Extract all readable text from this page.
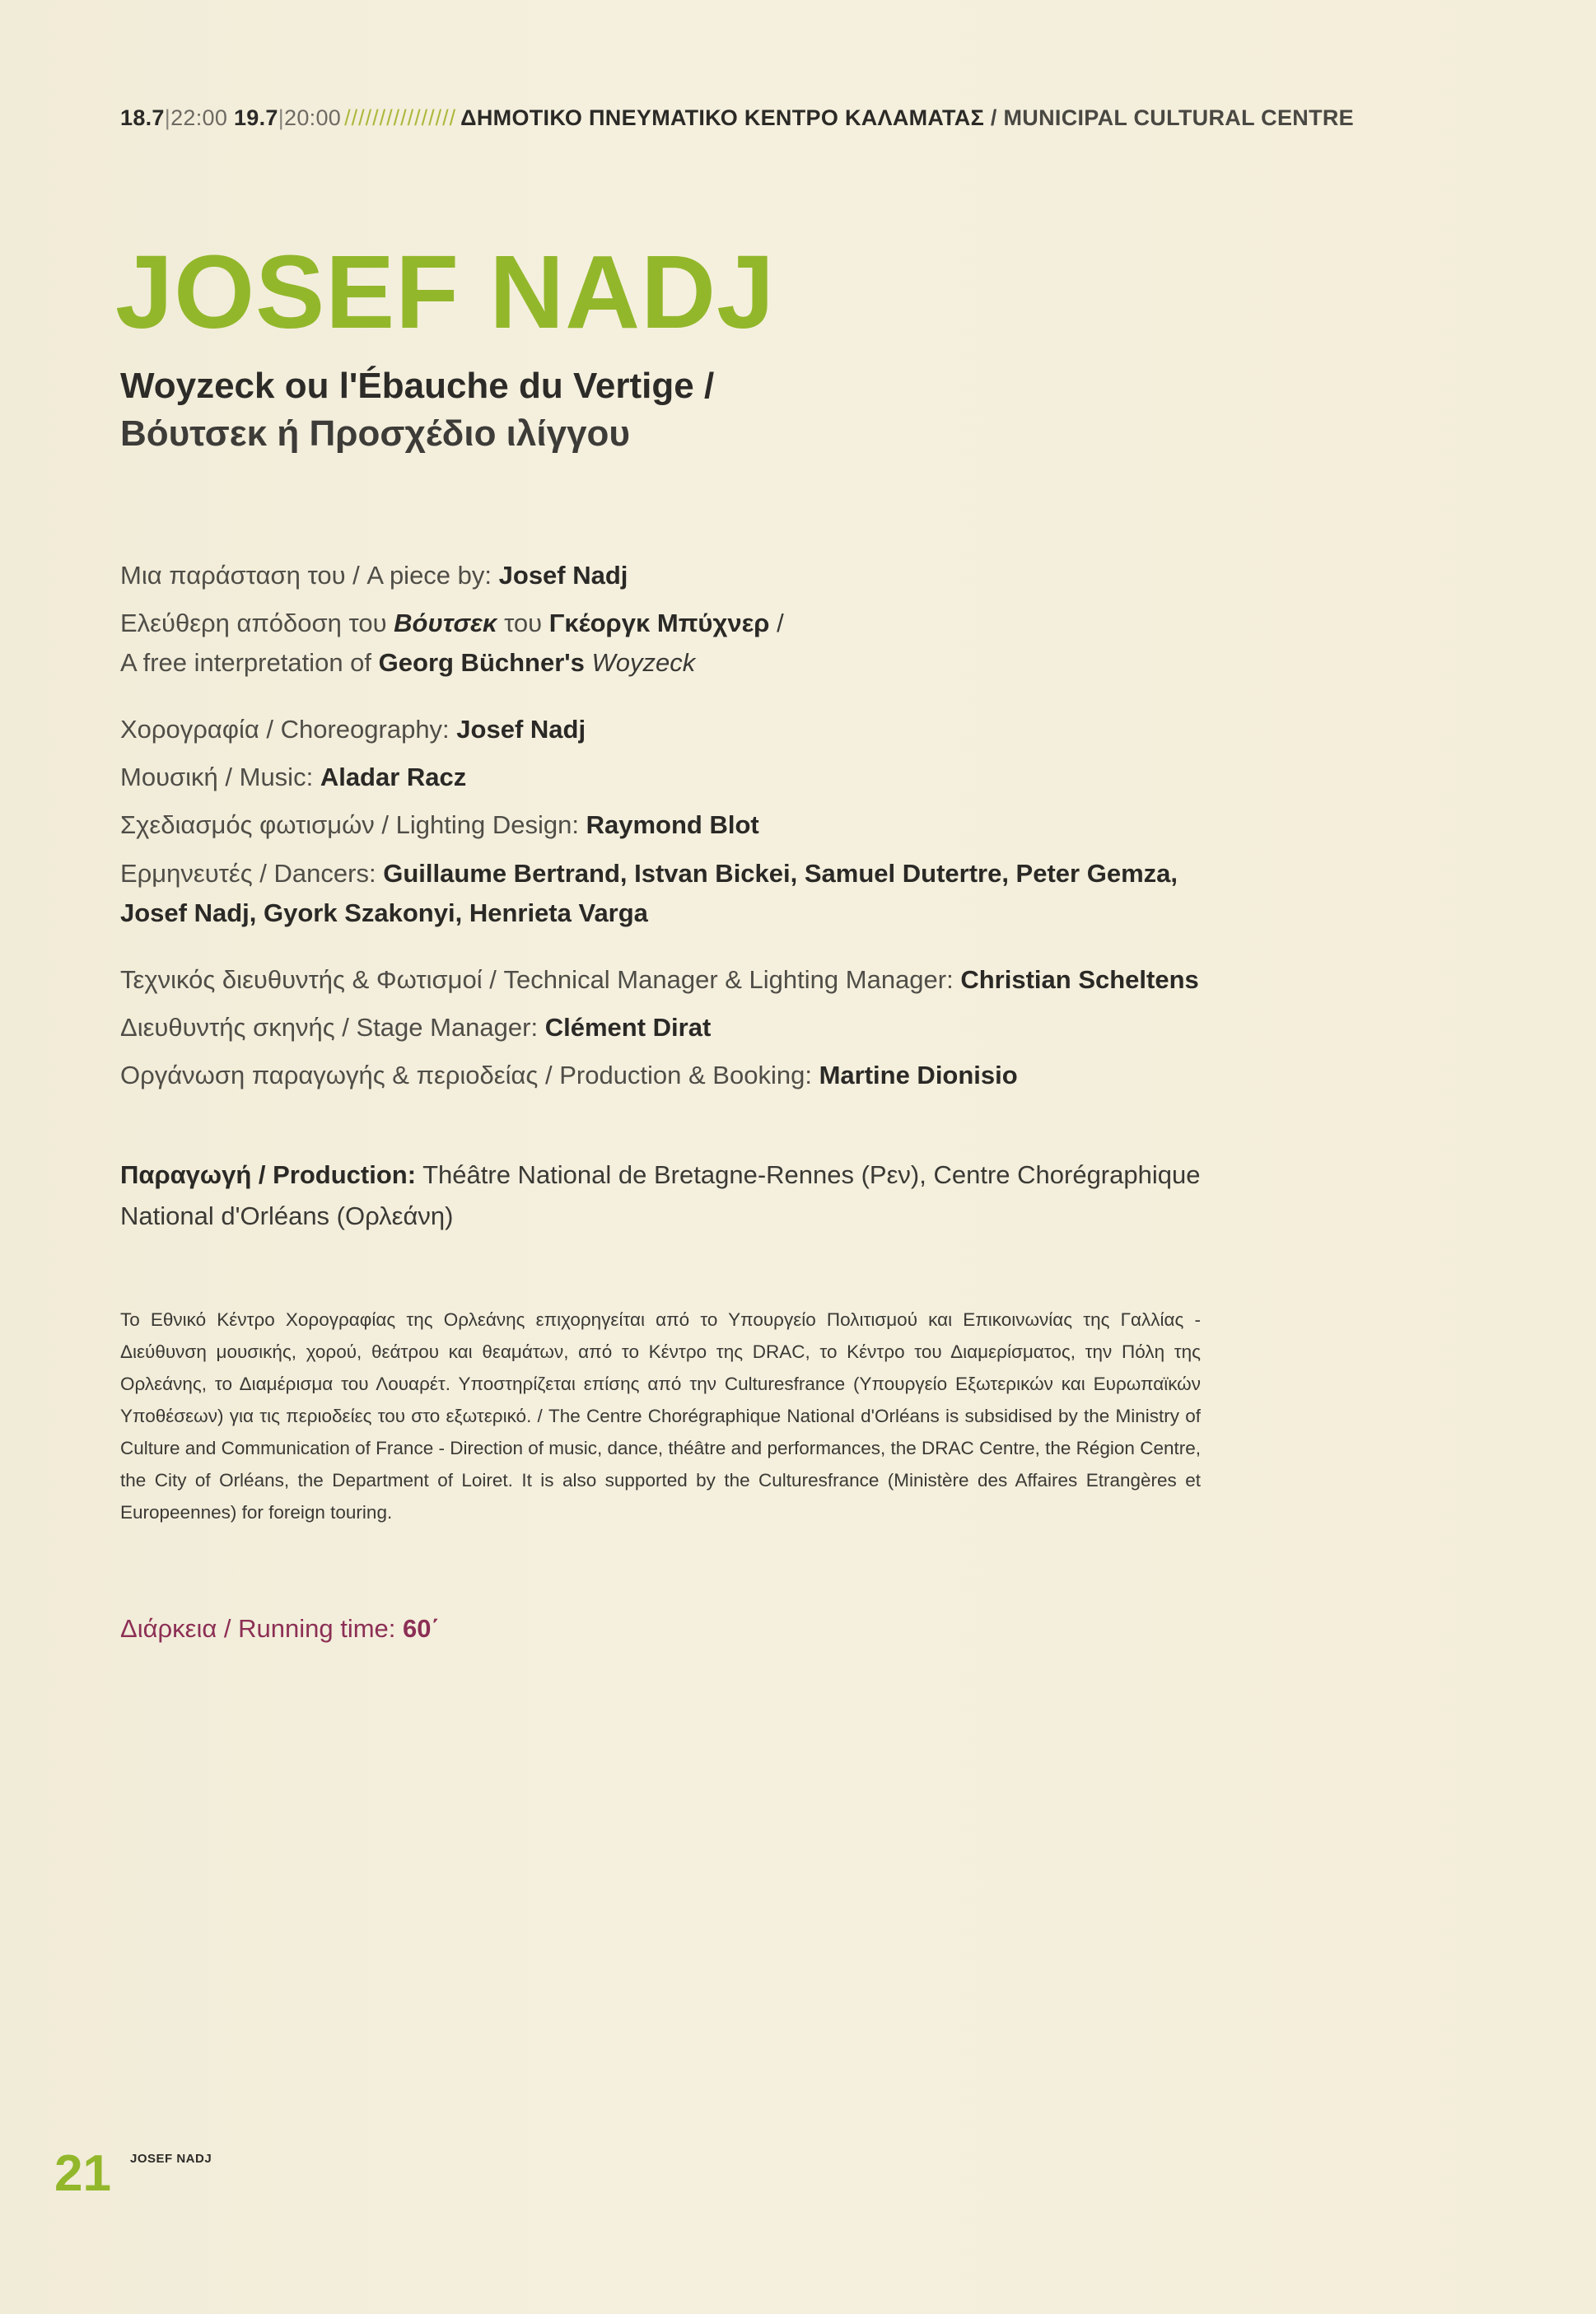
18.7|22:00 19.7|20:00 //////////////// ΔΗΜΟΤΙΚΟ ΠΝΕΥΜΑΤΙΚΟ ΚΕΝΤΡΟ ΚΑΛΑΜΑΤΑΣ / MUNICIPAL CULTURAL CENTRE
JOSEF NADJ
Woyzeck ou l'Ébauche du Vertige /
Βόυτσεκ ή Προσχέδιο ιλίγγου

Μια παράσταση του / A piece by: Josef Nadj

Ελεύθερη απόδοση του Βόυτσεκ του Γκέοργκ Μπύχνερ /
A free interpretation of Georg Büchner's Woyzeck

Χορογραφία / Choreography: Josef Nadj

Μουσική / Music: Aladar Racz

Σχεδιασμός φωτισμών / Lighting Design: Raymond Blot

Ερμηνευτές / Dancers: Guillaume Bertrand, Istvan Bickei, Samuel Dutertre, Peter Gemza, Josef Nadj, Gyork Szakonyi, Henrieta Varga

Τεχνικός διευθυντής & Φωτισμοί / Technical Manager & Lighting Manager: Christian Scheltens

Διευθυντής σκηνής / Stage Manager: Clément Dirat

Οργάνωση παραγωγής & περιοδείας / Production & Booking: Martine Dionisio

Παραγωγή / Production: Théâtre National de Bretagne-Rennes (Ρεν), Centre Chorégraphique National d'Orléans (Ορλεάνη)
Το Εθνικό Κέντρο Χορογραφίας της Ορλεάνης επιχορηγείται από το Υπουργείο Πολιτισμού και Επικοινωνίας της Γαλλίας - Διεύθυνση μουσικής, χορού, θεάτρου και θεαμάτων, από το Κέντρο της DRAC, το Κέντρο του Διαμερίσματος, την Πόλη της Ορλεάνης, το Διαμέρισμα του Λουαρέτ. Υποστηρίζεται επίσης από την Culturesfrance (Υπουργείο Εξωτερικών και Ευρωπαϊκών Υποθέσεων) για τις περιοδείες του στο εξωτερικό. / The Centre Chorégraphique National d'Orléans is subsidised by the Ministry of Culture and Communication of France - Direction of music, dance, théâtre and performances, the DRAC Centre, the Région Centre, the City of Orléans, the Department of Loiret. It is also supported by the Culturesfrance (Ministère des Affaires Etrangères et Europeennes) for foreign touring.
Διάρκεια / Running time: 60΄
21 JOSEF NADJ
